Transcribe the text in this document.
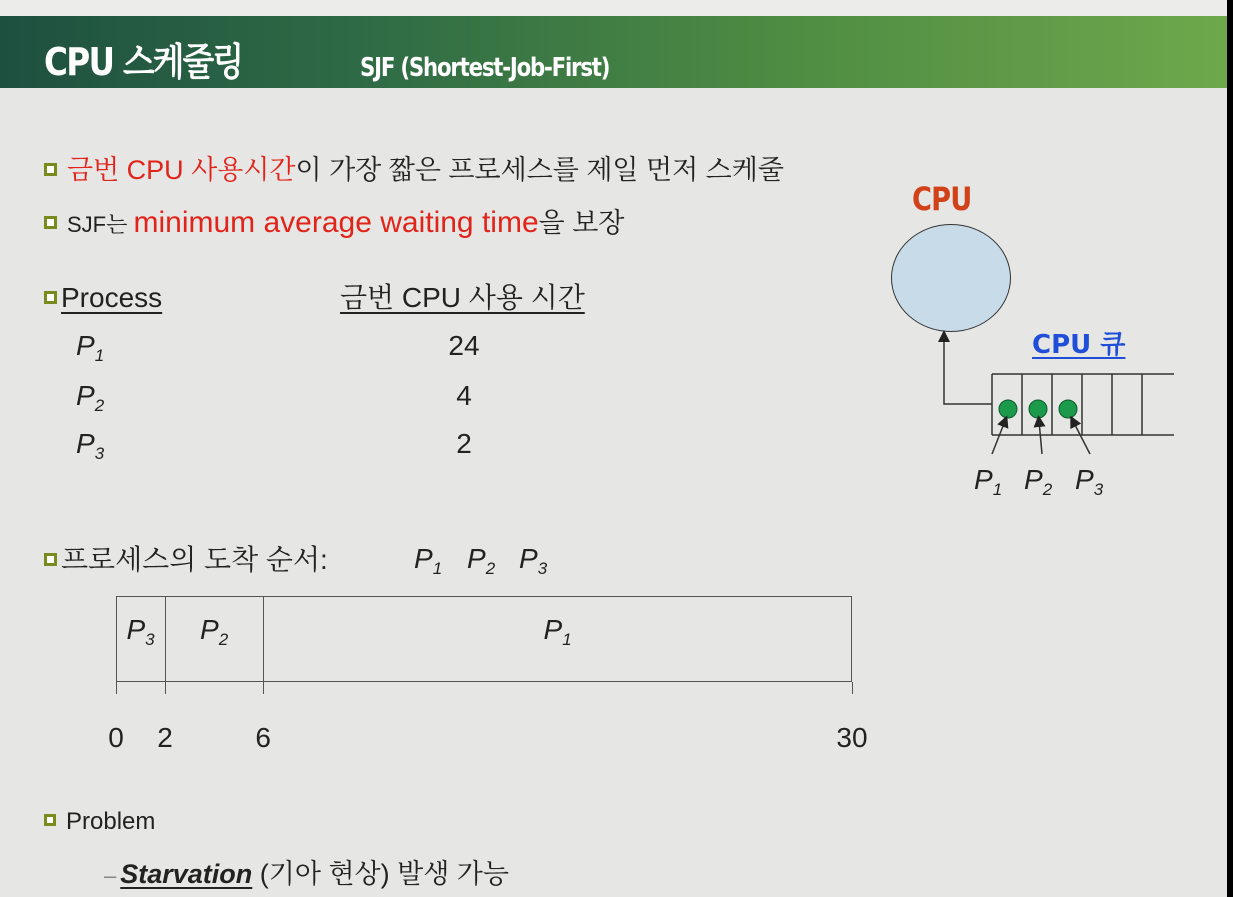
CPU 스케줄링	SJF (Shortest-Job-First)
금번 CPU 사용시간이 가장 짧은 프로세스를 제일 먼저 스케줄
SJF는 minimum average waiting time을 보장
Process	금번 CPU 사용 시간
$P_1$	24
$P_2$	4
$P_3$	2
프로세스의 도착 순서:	$P_1$ $P_2$ $P_3$
$P_3$ $P_2$	$P_1$
0 2	6	30
Problem
– Starvation (기아 현상) 발생 가능
CPU
CPU 큐
$P_1$ $P_2$ $P_3$
